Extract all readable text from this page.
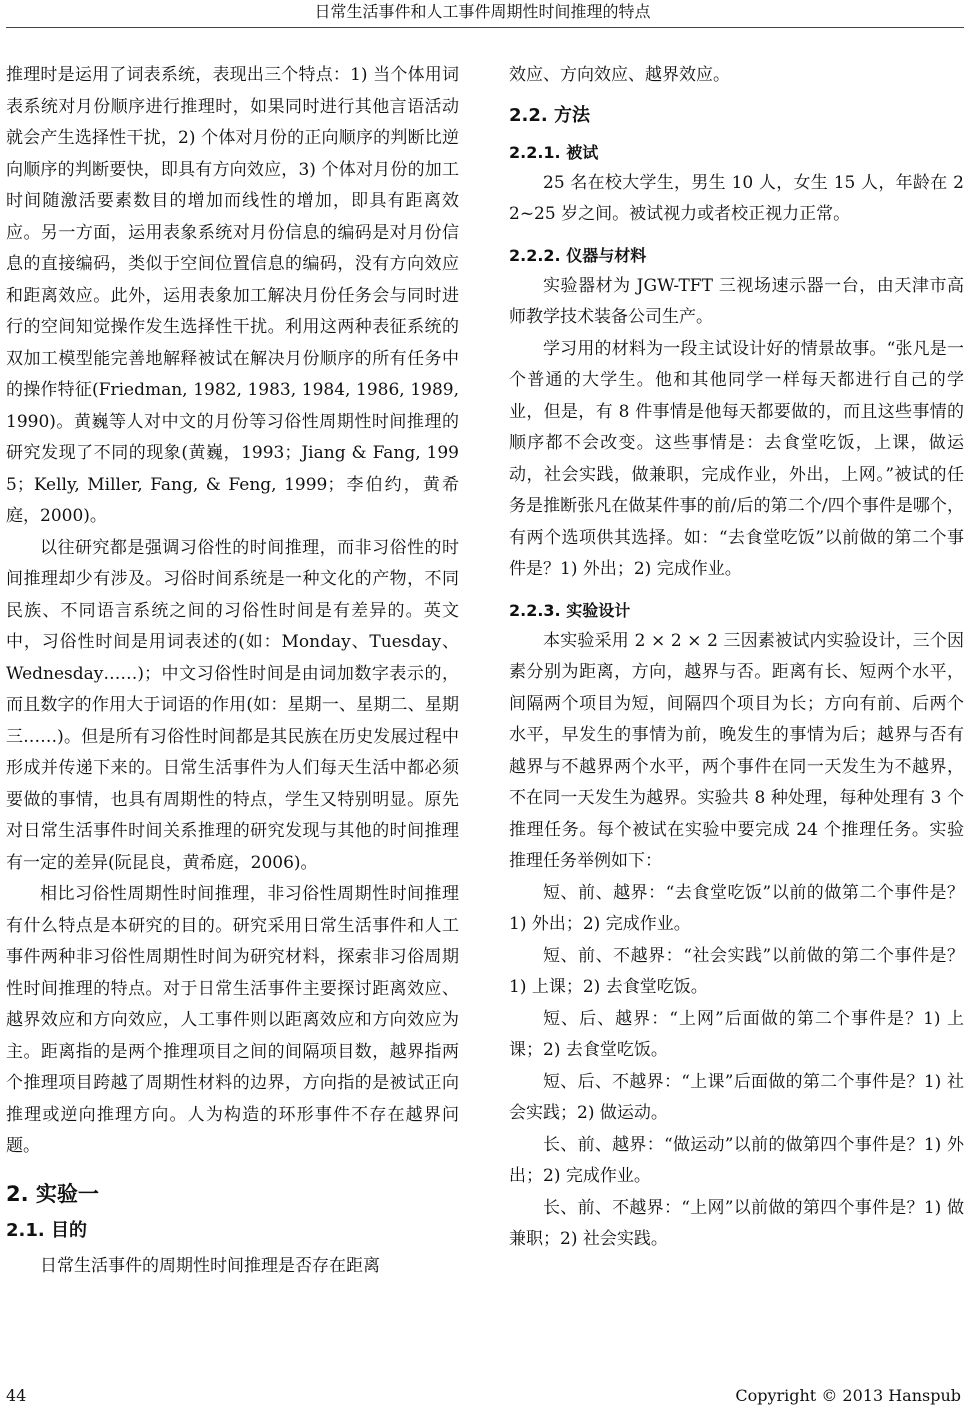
日常生活事件和人工事件周期性时间推理的特点

推理时是运用了词表系统，表现出三个特点：1) 当个体用词表系统对月份顺序进行推理时，如果同时进行其他言语活动就会产生选择性干扰，2) 个体对月份的正向顺序的判断比逆向顺序的判断要快，即具有方向效应，3) 个体对月份的加工时间随激活要素数目的增加而线性的增加，即具有距离效应。另一方面，运用表象系统对月份信息的编码是对月份信息的直接编码，类似于空间位置信息的编码，没有方向效应和距离效应。此外，运用表象加工解决月份任务会与同时进行的空间知觉操作发生选择性干扰。利用这两种表征系统的双加工模型能完善地解释被试在解决月份顺序的所有任务中的操作特征(Friedman, 1982, 1983, 1984, 1986, 1989, 1990)。黄巍等人对中文的月份等习俗性周期性时间推理的研究发现了不同的现象(黄巍，1993；Jiang & Fang, 1995；Kelly, Miller, Fang, & Feng, 1999；李伯约，黄希庭，2000)。

以往研究都是强调习俗性的时间推理，而非习俗性的时间推理却少有涉及。习俗时间系统是一种文化的产物，不同民族、不同语言系统之间的习俗性时间是有差异的。英文中，习俗性时间是用词表述的(如：Monday、Tuesday、Wednesday……)；中文习俗性时间是由词加数字表示的，而且数字的作用大于词语的作用(如：星期一、星期二、星期三……)。但是所有习俗性时间都是其民族在历史发展过程中形成并传递下来的。日常生活事件为人们每天生活中都必须要做的事情，也具有周期性的特点，学生又特别明显。原先对日常生活事件时间关系推理的研究发现与其他的时间推理有一定的差异(阮昆良，黄希庭，2006)。

相比习俗性周期性时间推理，非习俗性周期性时间推理有什么特点是本研究的目的。研究采用日常生活事件和人工事件两种非习俗性周期性时间为研究材料，探索非习俗周期性时间推理的特点。对于日常生活事件主要探讨距离效应、越界效应和方向效应，人工事件则以距离效应和方向效应为主。距离指的是两个推理项目之间的间隔项目数，越界指两个推理项目跨越了周期性材料的边界，方向指的是被试正向推理或逆向推理方向。人为构造的环形事件不存在越界问题。

2. 实验一
2.1. 目的

日常生活事件的周期性时间推理是否存在距离

效应、方向效应、越界效应。

2.2. 方法
2.2.1. 被试

25 名在校大学生，男生 10 人，女生 15 人，年龄在 22~25 岁之间。被试视力或者校正视力正常。

2.2.2. 仪器与材料

实验器材为 JGW-TFT 三视场速示器一台，由天津市高师教学技术装备公司生产。

学习用的材料为一段主试设计好的情景故事。“张凡是一个普通的大学生。他和其他同学一样每天都进行自己的学业，但是，有 8 件事情是他每天都要做的，而且这些事情的顺序都不会改变。这些事情是：去食堂吃饭，上课，做运动，社会实践，做兼职，完成作业，外出，上网。”被试的任务是推断张凡在做某件事的前/后的第二个/四个事件是哪个，有两个选项供其选择。如：“去食堂吃饭”以前做的第二个事件是？1) 外出；2) 完成作业。

2.2.3. 实验设计

本实验采用 2 × 2 × 2 三因素被试内实验设计，三个因素分别为距离，方向，越界与否。距离有长、短两个水平，间隔两个项目为短，间隔四个项目为长；方向有前、后两个水平，早发生的事情为前，晚发生的事情为后；越界与否有越界与不越界两个水平，两个事件在同一天发生为不越界，不在同一天发生为越界。实验共 8 种处理，每种处理有 3 个推理任务。每个被试在实验中要完成 24 个推理任务。实验推理任务举例如下：

短、前、越界：“去食堂吃饭”以前的做第二个事件是？1) 外出；2) 完成作业。

短、前、不越界：“社会实践”以前做的第二个事件是？1) 上课；2) 去食堂吃饭。

短、后、越界：“上网”后面做的第二个事件是？1) 上课；2) 去食堂吃饭。

短、后、不越界：“上课”后面做的第二个事件是？1) 社会实践；2) 做运动。

长、前、越界：“做运动”以前的做第四个事件是？1) 外出；2) 完成作业。

长、前、不越界：“上网”以前做的第四个事件是？1) 做兼职；2) 社会实践。

44	Copyright © 2013 Hanspub
